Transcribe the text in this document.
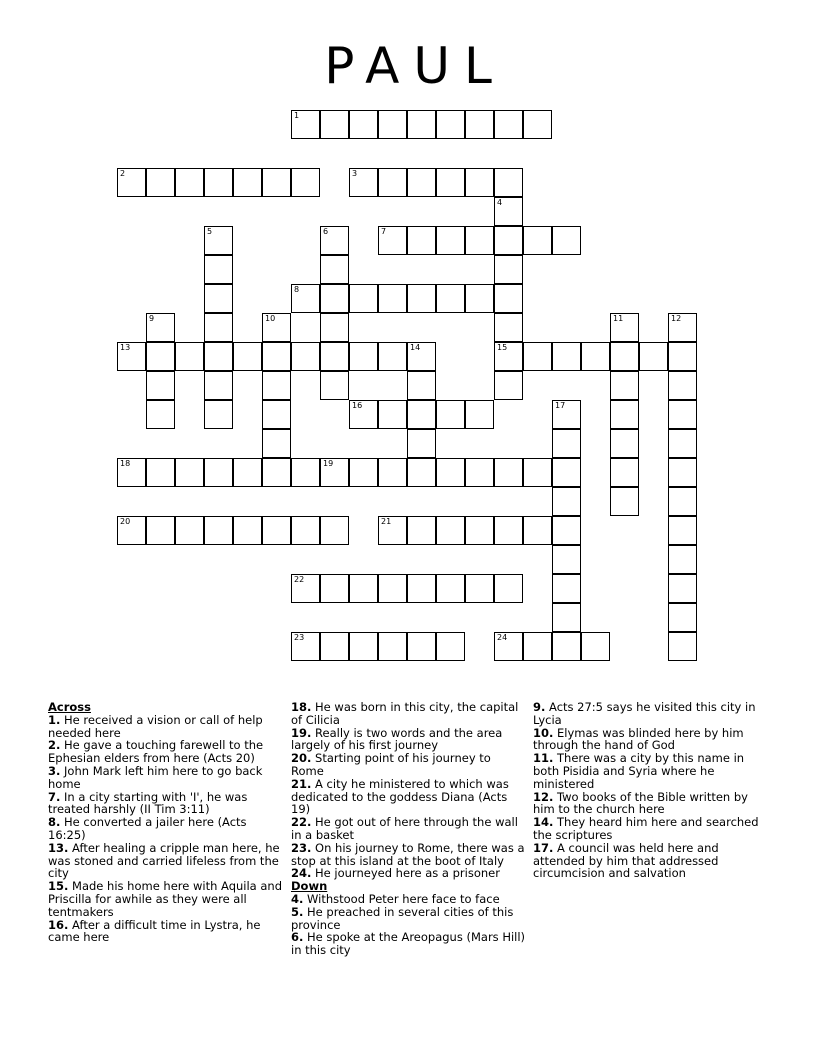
PAUL
1
2	3
4
5	6	7
8
9	10	11	12
13	14	15
16	17
18	19
20	21
22
23	24
Across
1. He received a vision or call of help needed here
2. He gave a touching farewell to the Ephesian elders from here (Acts 20)
3. John Mark left him here to go back home
7. In a city starting with 'I', he was treated harshly (II Tim 3:11)
8. He converted a jailer here (Acts 16:25)
13. After healing a cripple man here, he was stoned and carried lifeless from the city
15. Made his home here with Aquila and Priscilla for awhile as they were all tentmakers
16. After a difficult time in Lystra, he came here
18. He was born in this city, the capital of Cilicia
19. Really is two words and the area largely of his first journey
20. Starting point of his journey to Rome
21. A city he ministered to which was dedicated to the goddess Diana (Acts 19)
22. He got out of here through the wall in a basket
23. On his journey to Rome, there was a stop at this island at the boot of Italy
24. He journeyed here as a prisoner
Down
4. Withstood Peter here face to face
5. He preached in several cities of this province
6. He spoke at the Areopagus (Mars Hill) in this city
9. Acts 27:5 says he visited this city in Lycia
10. Elymas was blinded here by him through the hand of God
11. There was a city by this name in both Pisidia and Syria where he ministered
12. Two books of the Bible written by him to the church here
14. They heard him here and searched the scriptures
17. A council was held here and attended by him that addressed circumcision and salvation
